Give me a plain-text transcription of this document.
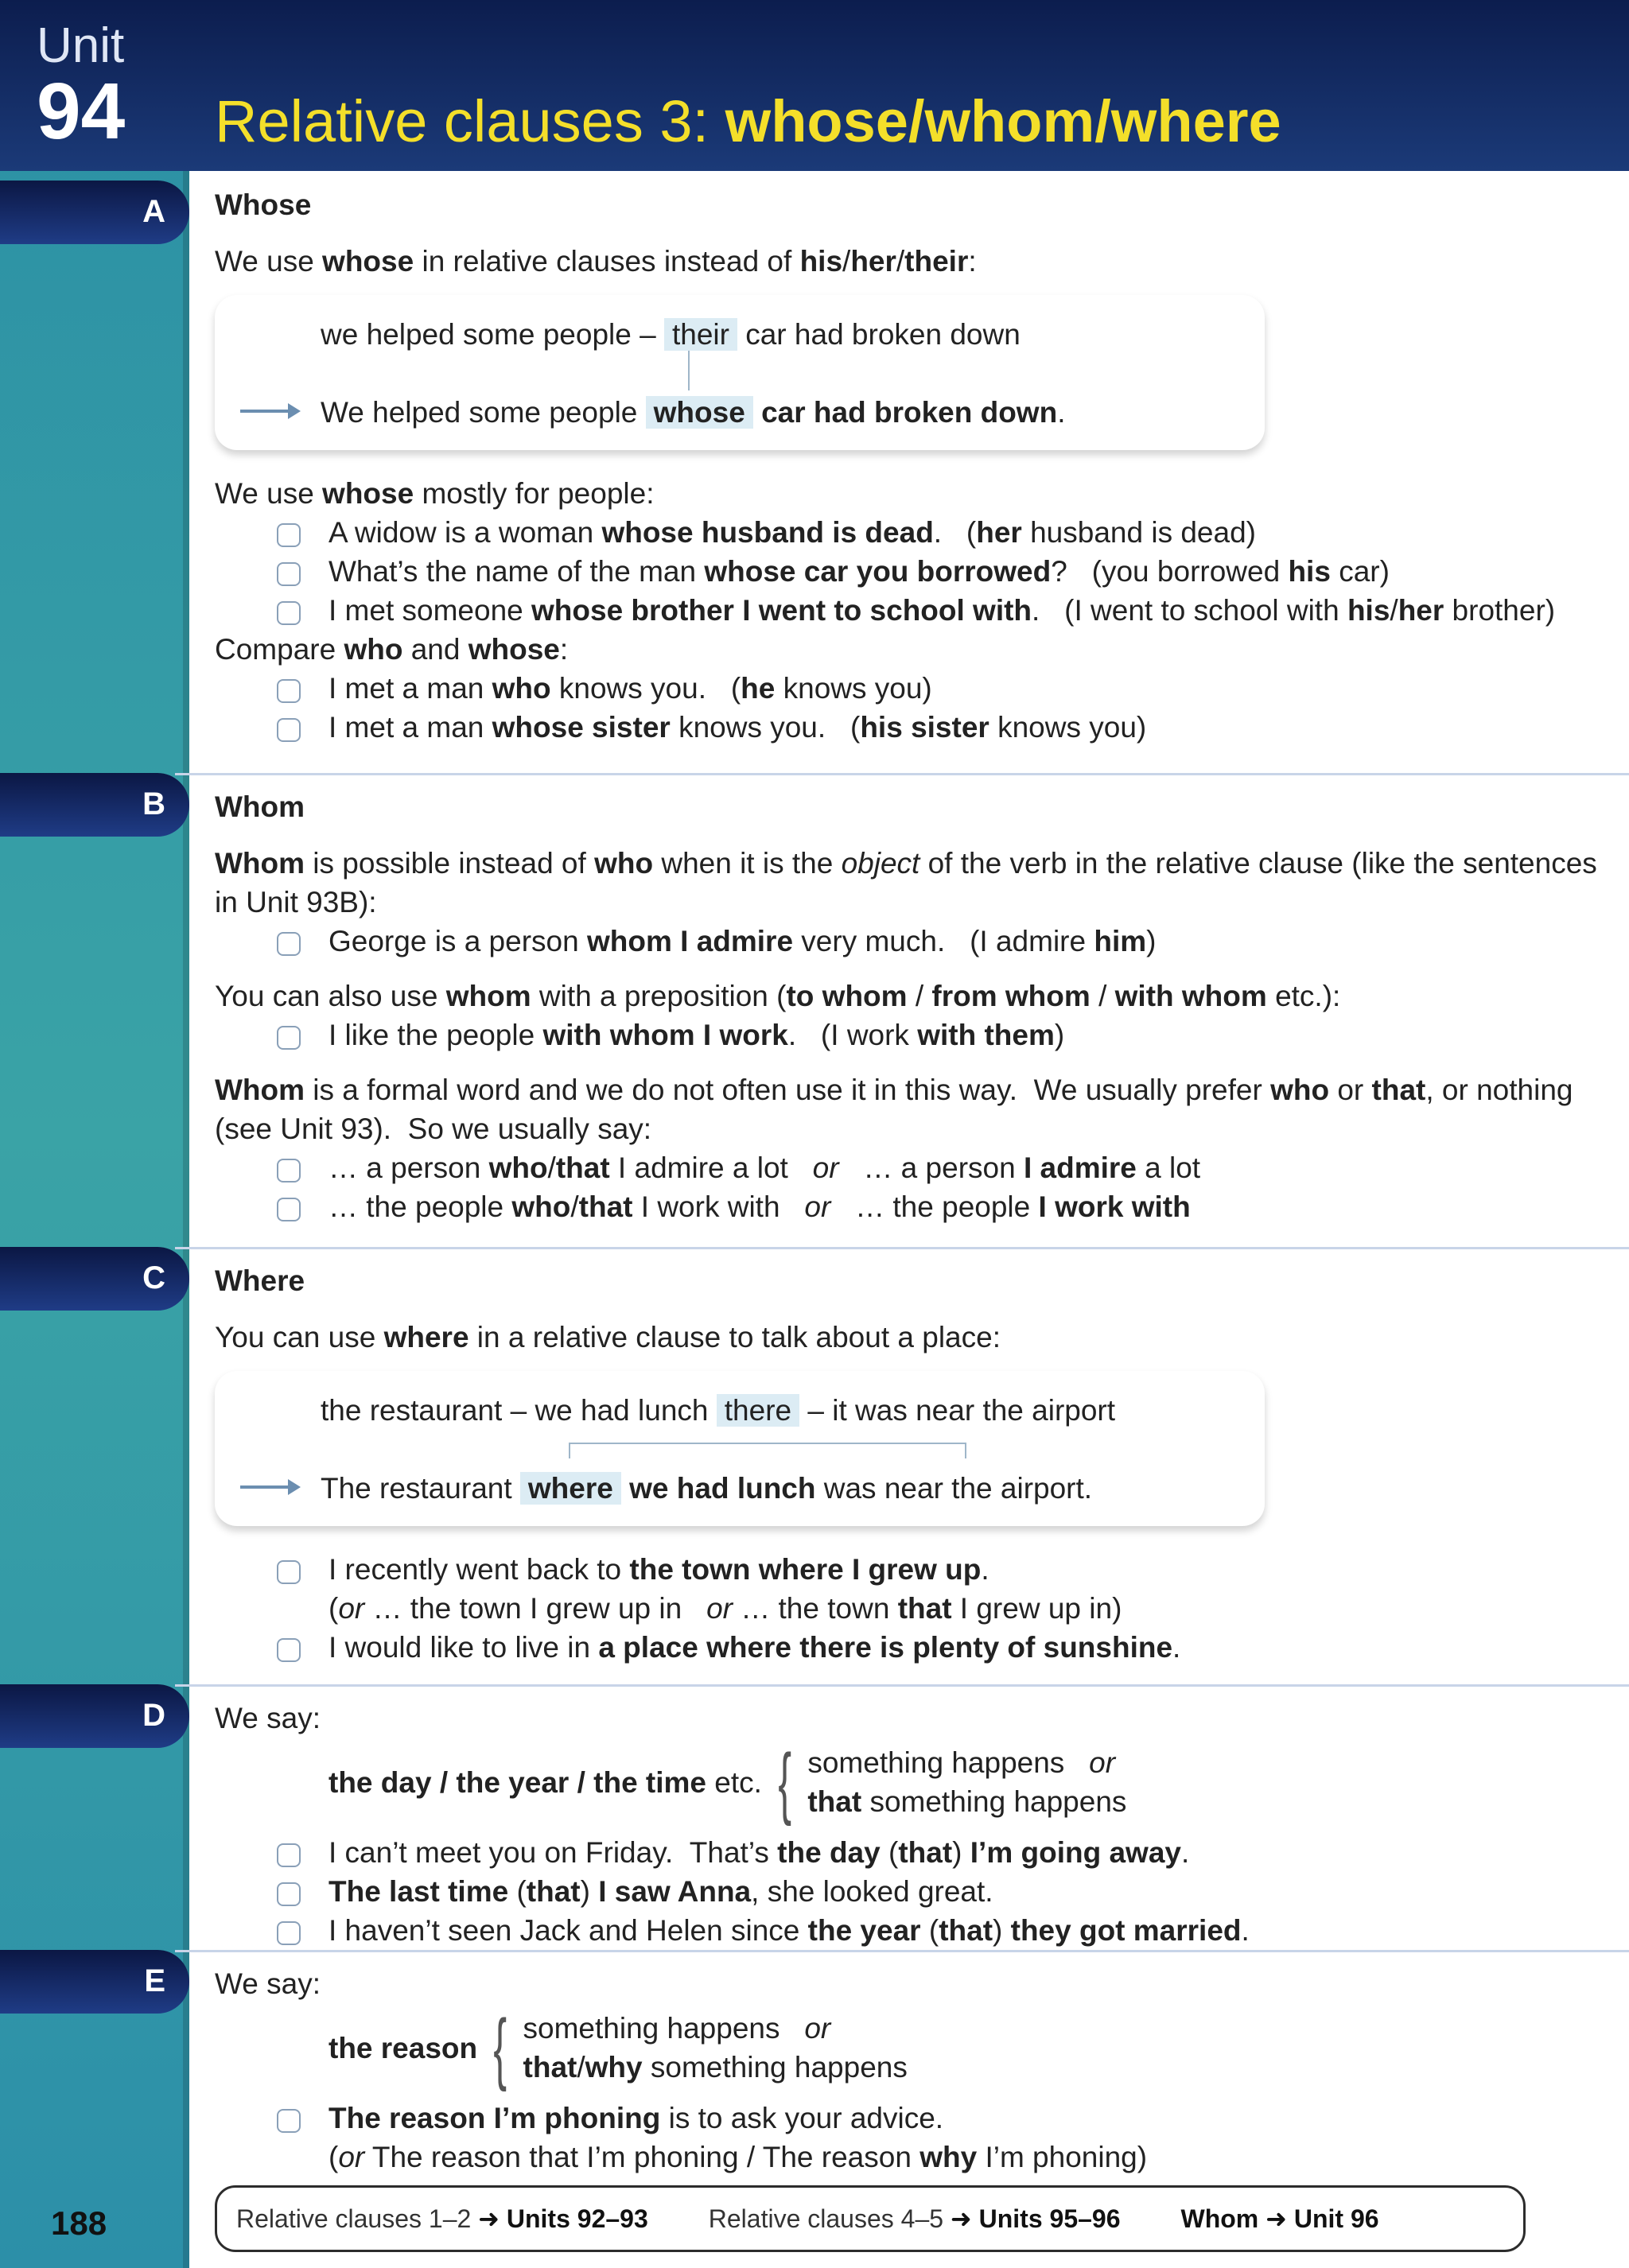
Unit
94 Relative clauses 3: whose/whom/where
A Whose
We use whose in relative clauses instead of his/her/their:
we helped some people – their car had broken down
We helped some people whose car had broken down.
We use whose mostly for people:
A widow is a woman whose husband is dead.   (her husband is dead)
What’s the name of the man whose car you borrowed?   (you borrowed his car)
I met someone whose brother I went to school with.   (I went to school with his/her brother)
Compare who and whose:
I met a man who knows you.   (he knows you)
I met a man whose sister knows you.   (his sister knows you)
B Whom
Whom is possible instead of who when it is the object of the verb in the relative clause (like the sentences in Unit 93B):
George is a person whom I admire very much.   (I admire him)
You can also use whom with a preposition (to whom / from whom / with whom etc.):
I like the people with whom I work.   (I work with them)
Whom is a formal word and we do not often use it in this way.  We usually prefer who or that, or nothing (see Unit 93).  So we usually say:
… a person who/that I admire a lot   or   … a person I admire a lot
… the people who/that I work with   or   … the people I work with
C Where
You can use where in a relative clause to talk about a place:
the restaurant – we had lunch there – it was near the airport
The restaurant where we had lunch was near the airport.
I recently went back to the town where I grew up.
(or … the town I grew up in   or … the town that I grew up in)
I would like to live in a place where there is plenty of sunshine.
D We say:
the day / the year / the time etc. { something happens   or
that something happens
I can’t meet you on Friday.  That’s the day (that) I’m going away.
The last time (that) I saw Anna, she looked great.
I haven’t seen Jack and Helen since the year (that) they got married.
E We say:
the reason { something happens   or
that/why something happens
The reason I’m phoning is to ask your advice.
(or The reason that I’m phoning / The reason why I’m phoning)
188	Relative clauses 1–2 ➜ Units 92–93 Relative clauses 4–5 ➜ Units 95–96 Whom ➜ Unit 96
